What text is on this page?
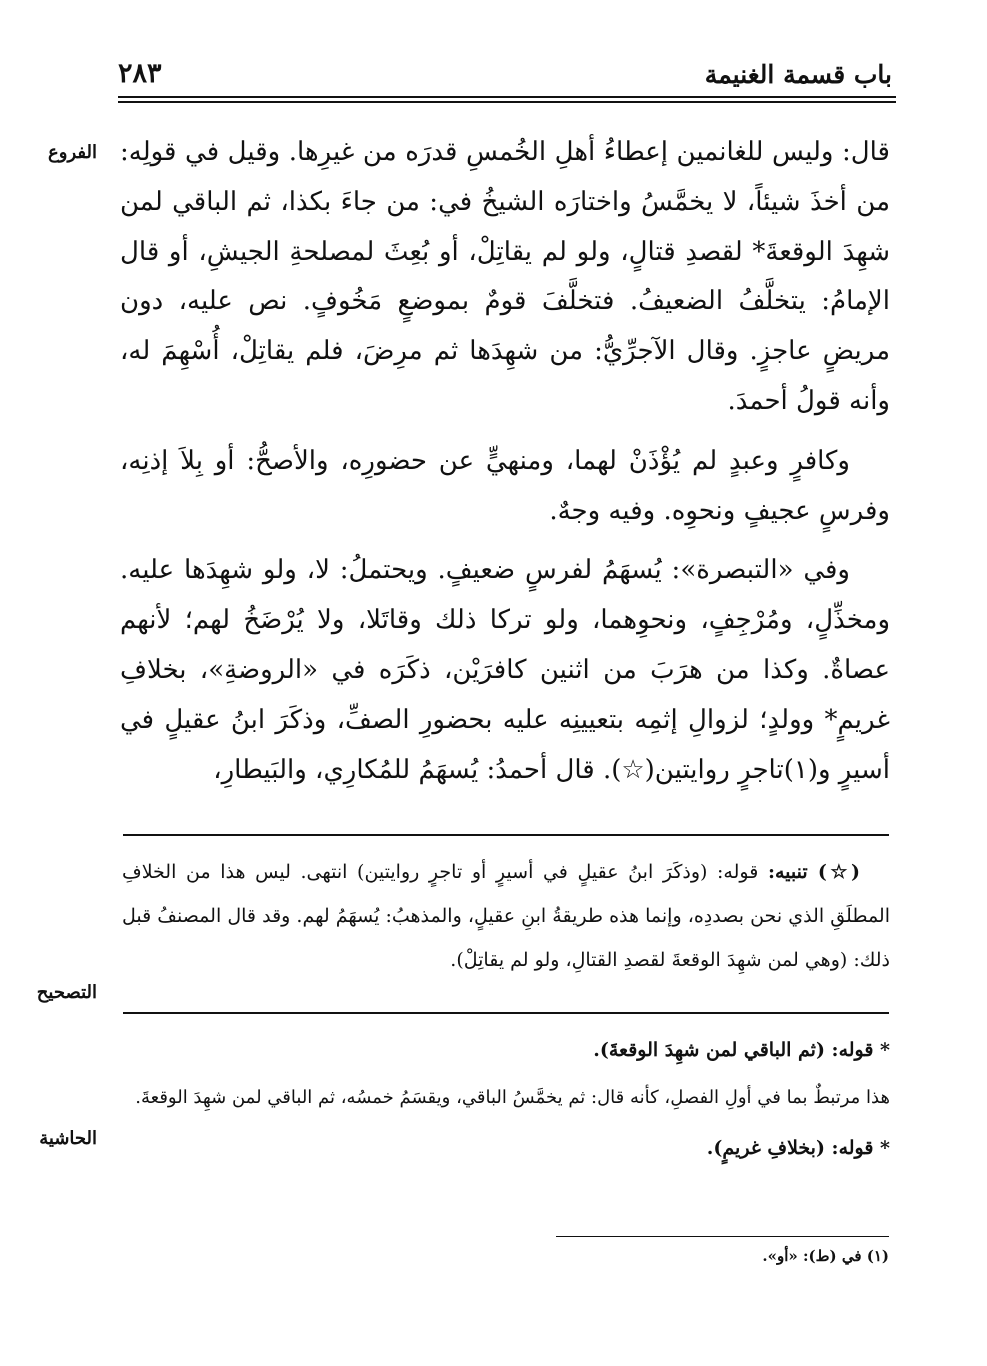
باب قسمة الغنيمة
٢٨٣
الفروع
التصحيح
الحاشية

قال: وليس للغانمين إعطاءُ أهلِ الخُمسِ قدرَه من غيرِها. وقيل في قولِه: من أخذَ شيئاً، لا يخمَّسُ واختارَه الشيخُ في: من جاءَ بكذا، ثم الباقي لمن شهِدَ الوقعةَ* لقصدِ قتالٍ، ولو لم يقاتِلْ، أو بُعِثَ لمصلحةِ الجيشِ، أو قال الإمامُ: يتخلَّفُ الضعيفُ. فتخلَّفَ قومٌ بموضعٍ مَخُوفٍ. نص عليه، دون مريضٍ عاجزٍ. وقال الآجرِّيُّ: من شهِدَها ثم مرِضَ، فلم يقاتِلْ، أُسْهِمَ له، وأنه قولُ أحمدَ.

وكافرٍ وعبدٍ لم يُؤْذَنْ لهما، ومنهيٍّ عن حضورِه، والأصحُّ: أو بِلاَ إذنِه، وفرسٍ عجيفٍ ونحوِه. وفيه وجهٌ.

وفي «التبصرة»: يُسهَمُ لفرسٍ ضعيفٍ. ويحتملُ: لا، ولو شهِدَها عليه. ومخذِّلٍ، ومُرْجِفٍ، ونحوِهما، ولو تركا ذلك وقاتَلا، ولا يُرْضَخُ لهم؛ لأنهم عصاةٌ. وكذا من هرَبَ من اثنين كافرَيْن، ذكَرَه في «الروضةِ»، بخلافِ غريمٍ* وولدٍ؛ لزوالِ إثمِه بتعيينِه عليه بحضورِ الصفِّ، وذكَرَ ابنُ عقيلٍ في أسيرٍ و(١)تاجرٍ روايتين(☆). قال أحمدُ: يُسهَمُ للمُكارِي، والبَيطارِ،

(☆) تنبيه: قوله: (وذكَرَ ابنُ عقيلٍ في أسيرٍ أو تاجرٍ روايتين) انتهى. ليس هذا من الخلافِ المطلَقِ الذي نحن بصددِه، وإنما هذه طريقةُ ابنِ عقيلٍ، والمذهبُ: يُسهَمُ لهم. وقد قال المصنفُ قبل ذلك: (وهي لمن شهِدَ الوقعةَ لقصدِ القتالِ، ولو لم يقاتِلْ).

* قوله: (ثم الباقي لمن شهِدَ الوقعةَ).

هذا مرتبطٌ بما في أولِ الفصلِ، كأنه قال: ثم يخمَّسُ الباقي، ويقسَمُ خمسُه، ثم الباقي لمن شهِدَ الوقعةَ.

* قوله: (بخلافِ غريمٍ).

(١) في (ط): «أو».
